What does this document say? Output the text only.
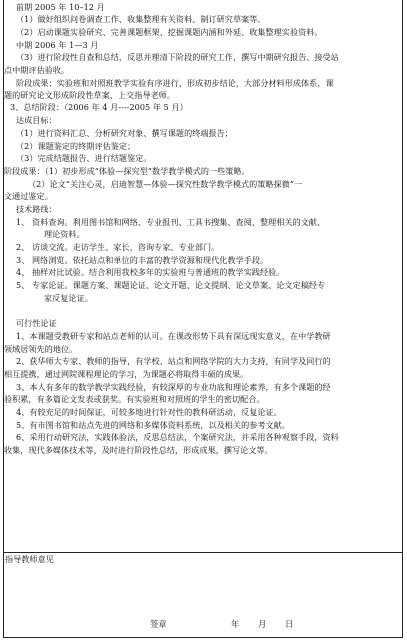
前期 2005 年 10–12 月
（1）做好组织问卷调查工作、收集整理有关资料、制订研究草案等。
（2）启动课题实验研究、完善课题框架、挖掘课题内涵和外延、收集整理实验资料。
中期 2006 年 1—3 月
（3）进行阶段性自查和总结，反思并理清下阶段的研究工作，撰写中期研究报告、接受站
点中期评估验收。
阶段成果：实验班和对照班教学实验有序进行，形成初步结论，大部分材料形成体系，课
题的研究论文形成阶段性草案，上交指导老师。
3、总结阶段：（2006 年 4 月----2005 年 5 月）
达成目标：
（1）进行资料汇总、分析研究对象、撰写课题的终端报告；
（2）课题鉴定的终期评估鉴定；
（3）完成结题报告、进行结题鉴定。
阶段成果：（1）初步形成“体验—探究型”数学教学模式的一些策略。
（2）论文“关注心灵，启迪智慧—体验—探究性数学教学模式的策略探微”一
文通过鉴定。
技术路线：
1、 资料查询。利用图书馆和网络、专业报刊、工具书搜集、查阅、整理相关的文献、
理论资料。
2、 访谈交流。走访学生、家长，咨询专家、专业部门。
3、 网络浏览。依托站点和单位的丰富的教学资源和现代化教学手段。
4、 抽样对比试验。结合利用我校多年的实验班与普通班的教学实践经验。
5、 专家论证。课题方案、课题论证、论文开题、论文提纲、论文草案、论文定稿经专
家反复论证。
可行性论证
1、本课题受教研专家和站点老师的认可。在课改形势下具有深远现实意义，在中学教研
领域居领先的地位。
2、获华师大专家、教师的指导，有学校、站点和网络学院的大力支持，有同学及同行的
相互提携，通过网院课程理论的学习，为课题必将取得丰硕的成果。
3、本人有多年的数学教学实践经验，有较深厚的专业功底和理论素养，有多个课题的经
验积累，有多篇论文发表或获奖。有实验班和对照班的学生的密切配合。
4、有较充足的时间保证，可较多地进行针对性的教科研活动，反复论证。
5、有市图书馆和站点先进的网络和多媒体资料系统，以及相关的参考文献。
6、采用行动研究法，实践体验法，反思总结法，个案研究法，并采用各种观察手段，资料
收集，现代多媒体技术等，及时进行阶段性总结，形成成果，撰写论文等。
指导教师意见
签章	年 月 日
